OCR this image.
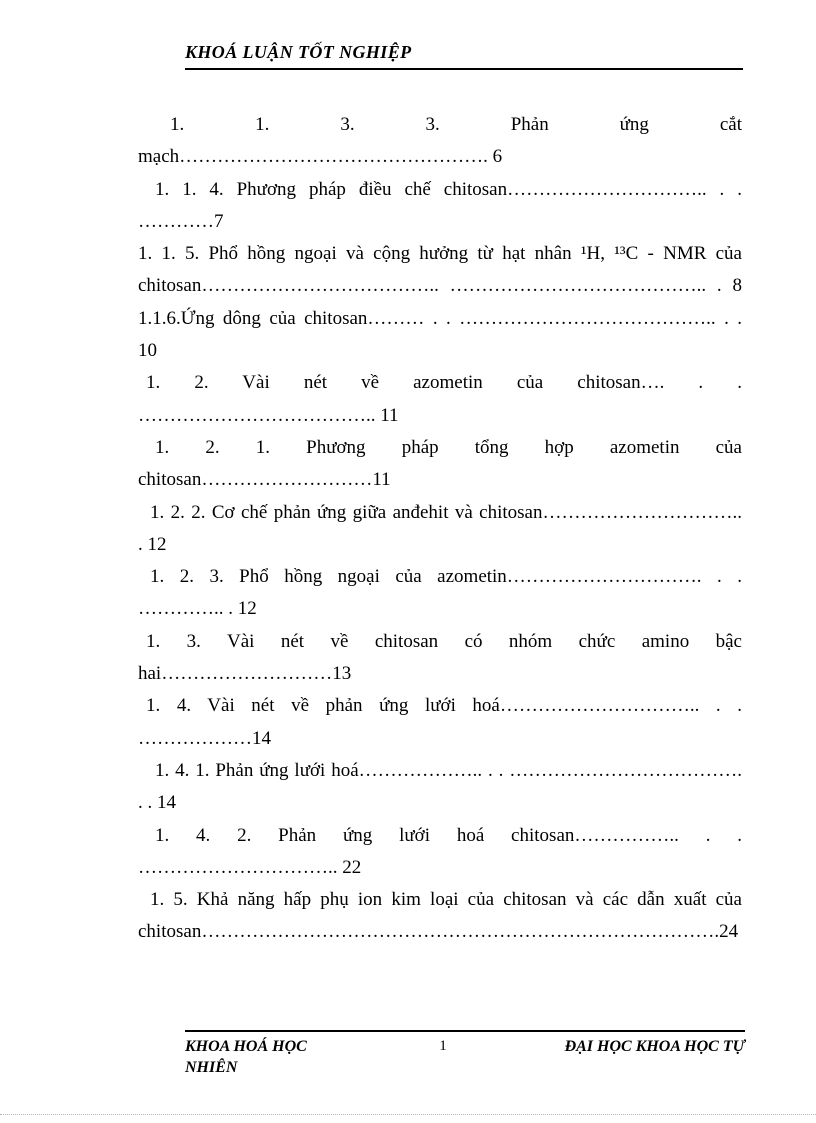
KHOÁ LUẬN TỐT NGHIỆP
1. 1. 3. 3. Phản ứng cắt
mạch…………………………………………. 6
1. 1. 4. Phương pháp điều chế chitosan………………………….. . .
…………7
1. 1. 5. Phổ hồng ngoại và cộng hưởng từ hạt nhân ¹H, ¹³C - NMR của
chitosan……………………………….. ………………………………….. . 8
1.1.6.Ứng dông của chitosan……… . . ………………………………….. . .
10
1. 2. Vài nét về azometin của chitosan…. . .
……………………………….. 11
1. 2. 1. Phương pháp tổng hợp azometin của
chitosan………………………11
1. 2. 2. Cơ chế phản ứng giữa anđehit và chitosan…………………………..
. 12
1. 2. 3. Phổ hồng ngoại của azometin…………………………. . .
………….. . 12
1. 3. Vài nét về chitosan có nhóm chức amino bậc
hai………………………13
1. 4. Vài nét về phản ứng lưới hoá………………………….. . .
………………14
1. 4. 1. Phản ứng lưới hoá……………….. . . ……………………………….
. . 14
1. 4. 2. Phản ứng lưới hoá chitosan…………….. . .
………………………….. 22
1. 5. Khả năng hấp phụ ion kim loại của chitosan và các dẫn xuất của
chitosan……………………………………………………………………….24
KHOA HOÁ HỌC
NHIÊN
1	ĐẠI HỌC KHOA HỌC TỰ
